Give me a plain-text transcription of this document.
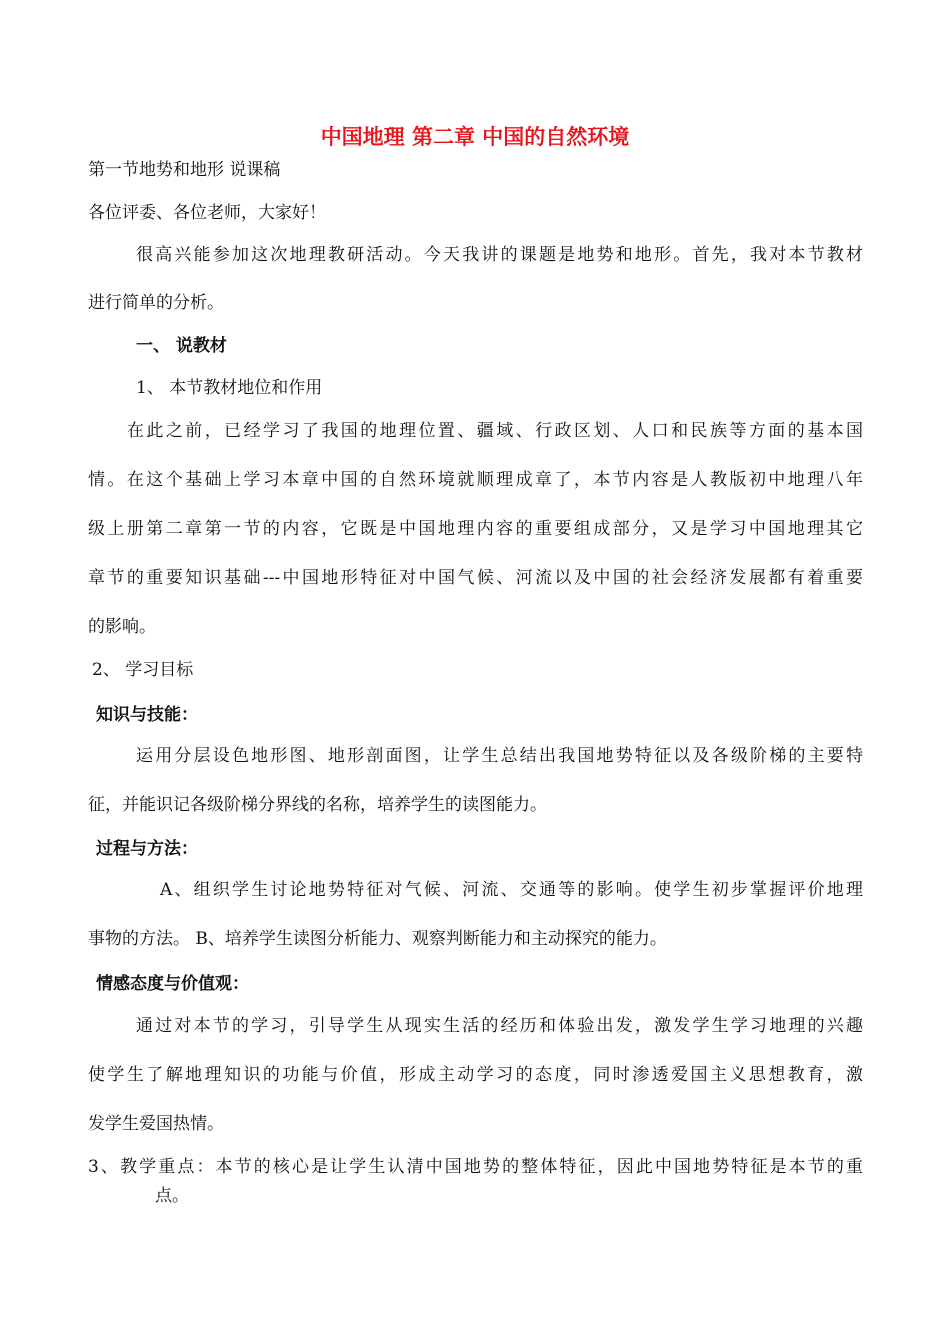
中国地理 第二章 中国的自然环境
第一节地势和地形 说课稿
各位评委、各位老师，大家好！
很高兴能参加这次地理教研活动。今天我讲的课题是地势和地形。首先，我对本节教材
进行简单的分析。
一、 说教材
1、 本节教材地位和作用
在此之前，已经学习了我国的地理位置、疆域、行政区划、人口和民族等方面的基本国
情。在这个基础上学习本章中国的自然环境就顺理成章了，本节内容是人教版初中地理八年
级上册第二章第一节的内容，它既是中国地理内容的重要组成部分，又是学习中国地理其它
章节的重要知识基础---中国地形特征对中国气候、河流以及中国的社会经济发展都有着重要
的影响。
2、 学习目标
知识与技能：
运用分层设色地形图、地形剖面图，让学生总结出我国地势特征以及各级阶梯的主要特
征，并能识记各级阶梯分界线的名称，培养学生的读图能力。
过程与方法：
A、组织学生讨论地势特征对气候、河流、交通等的影响。使学生初步掌握评价地理
事物的方法。 B、培养学生读图分析能力、观察判断能力和主动探究的能力。
情感态度与价值观：
通过对本节的学习，引导学生从现实生活的经历和体验出发，激发学生学习地理的兴趣
使学生了解地理知识的功能与价值，形成主动学习的态度，同时渗透爱国主义思想教育，激
发学生爱国热情。
3、教学重点：本节的核心是让学生认清中国地势的整体特征，因此中国地势特征是本节的重
点。
